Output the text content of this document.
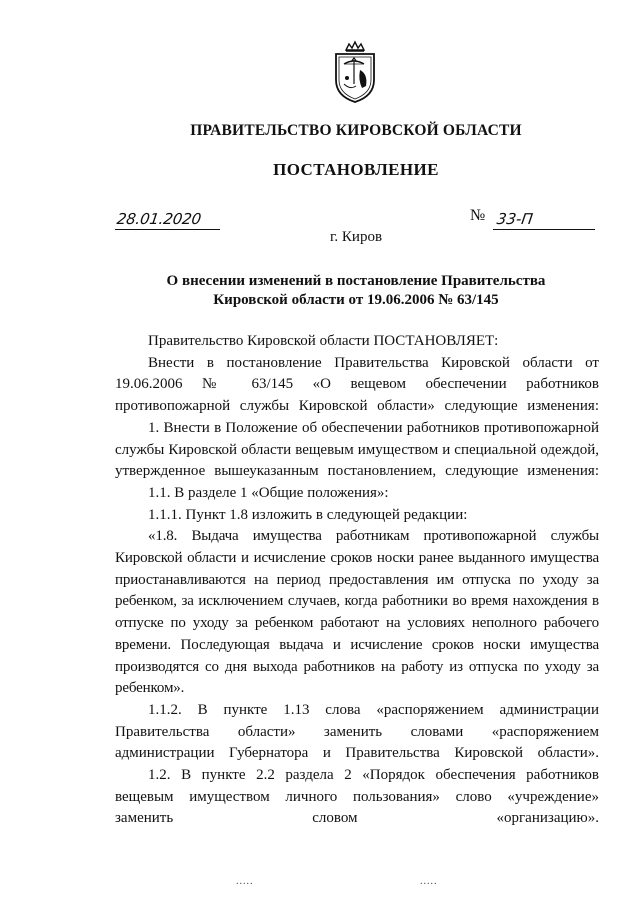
ПРАВИТЕЛЬСТВО КИРОВСКОЙ ОБЛАСТИ
ПОСТАНОВЛЕНИЕ
28.01.2020	№ 33-П
г. Киров
О внесении изменений в постановление Правительства
Кировской области от 19.06.2006 № 63/145

Правительство Кировской области ПОСТАНОВЛЯЕТ:

Внести в постановление Правительства Кировской области от 19.06.2006 № 63/145 «О вещевом обеспечении работников противопожарной службы Кировской области» следующие изменения:

1. Внести в Положение об обеспечении работников противопожарной службы Кировской области вещевым имуществом и специальной одеждой, утвержденное вышеуказанным постановлением, следующие изменения:

1.1. В разделе 1 «Общие положения»:

1.1.1. Пункт 1.8 изложить в следующей редакции:

«1.8. Выдача имущества работникам противопожарной службы Кировской области и исчисление сроков носки ранее выданного имущества приостанавливаются на период предоставления им отпуска по уходу за ребенком, за исключением случаев, когда работники во время нахождения в отпуске по уходу за ребенком работают на условиях неполного рабочего времени. Последующая выдача и исчисление сроков носки имущества производятся со дня выхода работников на работу из отпуска по уходу за ребенком».

1.1.2. В пункте 1.13 слова «распоряжением администрации Правительства области» заменить словами «распоряжением администрации Губернатора и Правительства Кировской области».

1.2. В пункте 2.2 раздела 2 «Порядок обеспечения работников вещевым имуществом личного пользования» слово «учреждение» заменить словом «организацию».

.....	.....
